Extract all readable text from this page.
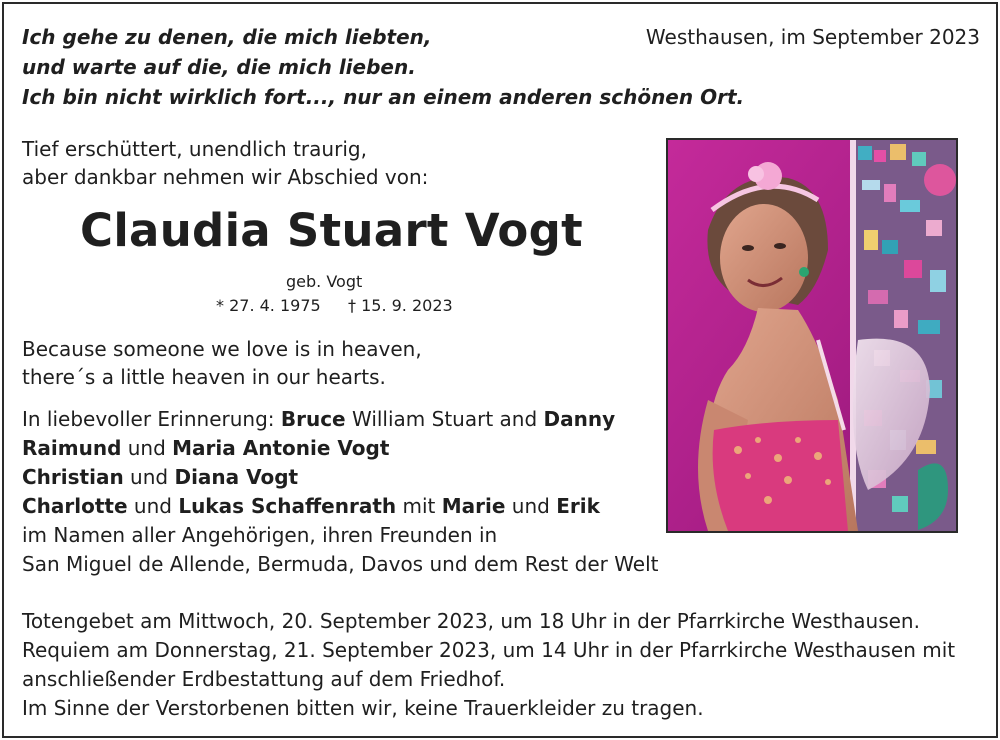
Ich gehe zu denen, die mich liebten,
und warte auf die, die mich lieben.
Ich bin nicht wirklich fort..., nur an einem anderen schönen Ort.
Westhausen, im September 2023
Tief erschüttert, unendlich traurig,
aber dankbar nehmen wir Abschied von:
Claudia Stuart Vogt
geb. Vogt
* 27. 4. 1975 † 15. 9. 2023
Because someone we love is in heaven,
there´s a little heaven in our hearts.
In liebevoller Erinnerung: Bruce William Stuart and Danny
Raimund und Maria Antonie Vogt
Christian und Diana Vogt
Charlotte und Lukas Schaffenrath mit Marie und Erik
im Namen aller Angehörigen, ihren Freunden in
San Miguel de Allende, Bermuda, Davos und dem Rest der Welt
Totengebet am Mittwoch, 20. September 2023, um 18 Uhr in der Pfarrkirche Westhausen.
Requiem am Donnerstag, 21. September 2023, um 14 Uhr in der Pfarrkirche Westhausen mit
anschließender Erdbestattung auf dem Friedhof.
Im Sinne der Verstorbenen bitten wir, keine Trauerkleider zu tragen.
